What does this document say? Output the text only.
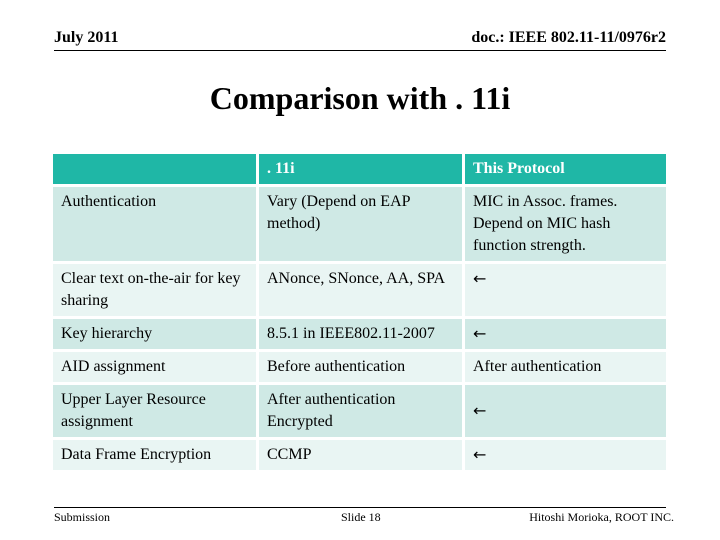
July 2011	doc.: IEEE 802.11-11/0976r2
Comparison with . 11i
	. 11i	This Protocol
Authentication	Vary (Depend on EAP method)	MIC in Assoc. frames. Depend on MIC hash function strength.
Clear text on-the-air for key sharing	ANonce, SNonce, AA, SPA	←
Key hierarchy	8.5.1 in IEEE802.11-2007	←
AID assignment	Before authentication	After authentication
Upper Layer Resource assignment	After authentication Encrypted	←
Data Frame Encryption	CCMP	←
Submission	Slide 18	Hitoshi Morioka, ROOT INC.
